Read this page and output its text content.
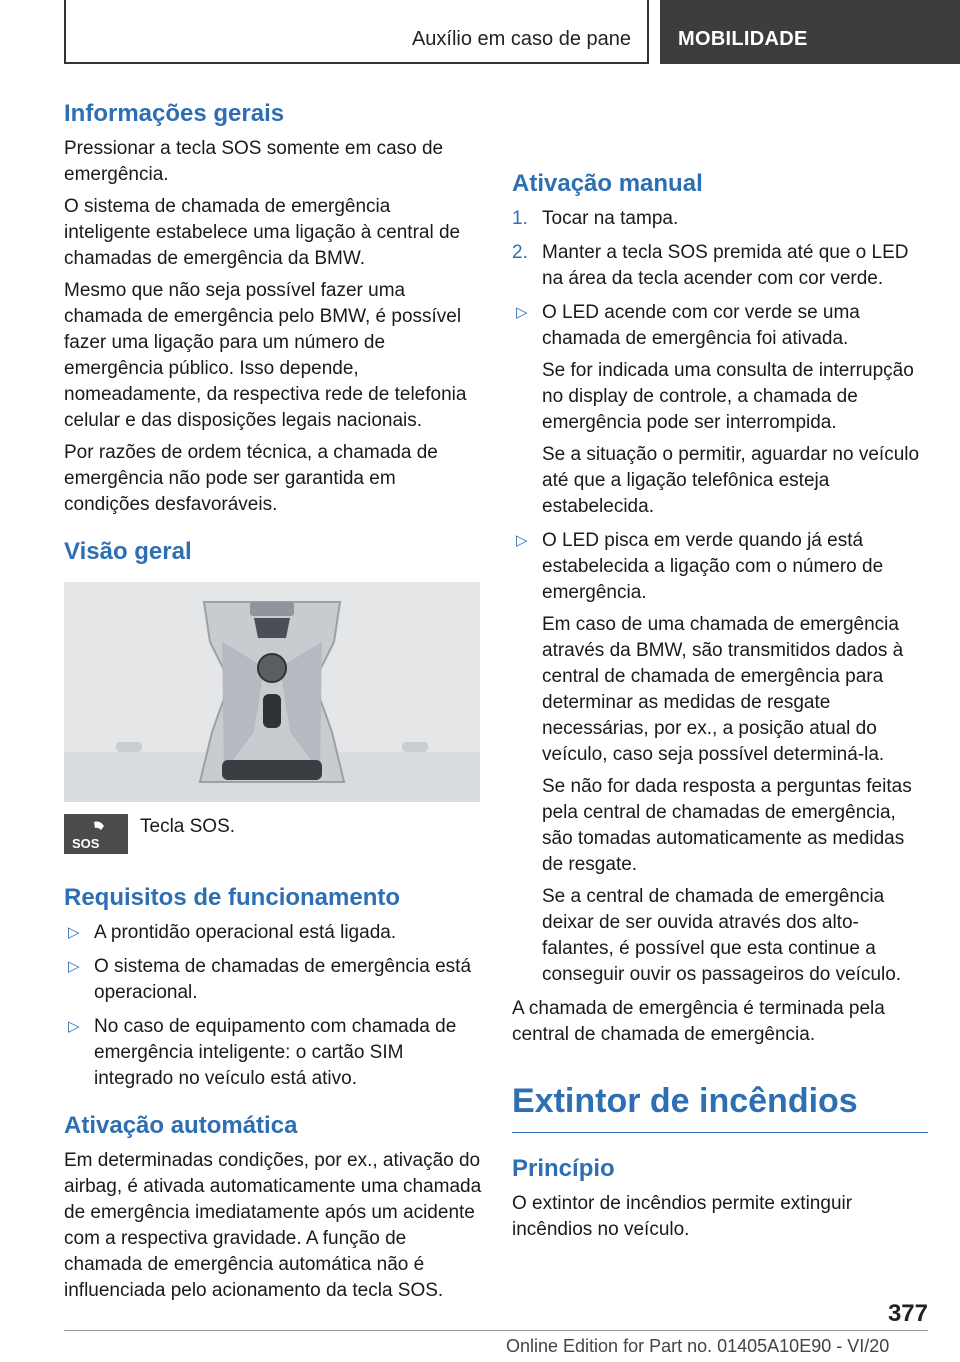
Auxílio em caso de pane MOBILIDADE
Informações gerais

Pressionar a tecla SOS somente em caso de emergência.

O sistema de chamada de emergência inteligente estabelece uma ligação à central de chamadas de emergência da BMW.

Mesmo que não seja possível fazer uma chamada de emergência pelo BMW, é possível fazer uma ligação para um número de emergência público. Isso depende, nomeadamente, da respectiva rede de telefonia celular e das disposições legais nacionais.

Por razões de ordem técnica, a chamada de emergência não pode ser garantida em condições desfavoráveis.

Visão geral
SOS
Tecla SOS.
Requisitos de funcionamento
▷ A prontidão operacional está ligada.
▷ O sistema de chamadas de emergência está operacional.
▷ No caso de equipamento com chamada de emergência inteligente: o cartão SIM integrado no veículo está ativo.
Ativação automática

Em determinadas condições, por ex., ativação do airbag, é ativada automaticamente uma chamada de emergência imediatamente após um acidente com a respectiva gravidade. A função de chamada de emergência automática não é influenciada pelo acionamento da tecla SOS.

Ativação manual
1. Tocar na tampa.
2. Manter a tecla SOS premida até que o LED na área da tecla acender com cor verde.
▷ O LED acende com cor verde se uma chamada de emergência foi ativada.

Se for indicada uma consulta de interrupção no display de controle, a chamada de emergência pode ser interrompida.

Se a situação o permitir, aguardar no veículo até que a ligação telefônica esteja estabelecida.

▷ O LED pisca em verde quando já está estabelecida a ligação com o número de emergência.

Em caso de uma chamada de emergência através da BMW, são transmitidos dados à central de chamada de emergência para determinar as medidas de resgate necessárias, por ex., a posição atual do veículo, caso seja possível determiná-la.

Se não for dada resposta a perguntas feitas pela central de chamadas de emergência, são tomadas automaticamente as medidas de resgate.

Se a central de chamada de emergência deixar de ser ouvida através dos alto-falantes, é possível que esta continue a conseguir ouvir os passageiros do veículo.

A chamada de emergência é terminada pela central de chamada de emergência.

Extintor de incêndios
Princípio

O extintor de incêndios permite extinguir incêndios no veículo.

377
Online Edition for Part no. 01405A10E90 - VI/20
